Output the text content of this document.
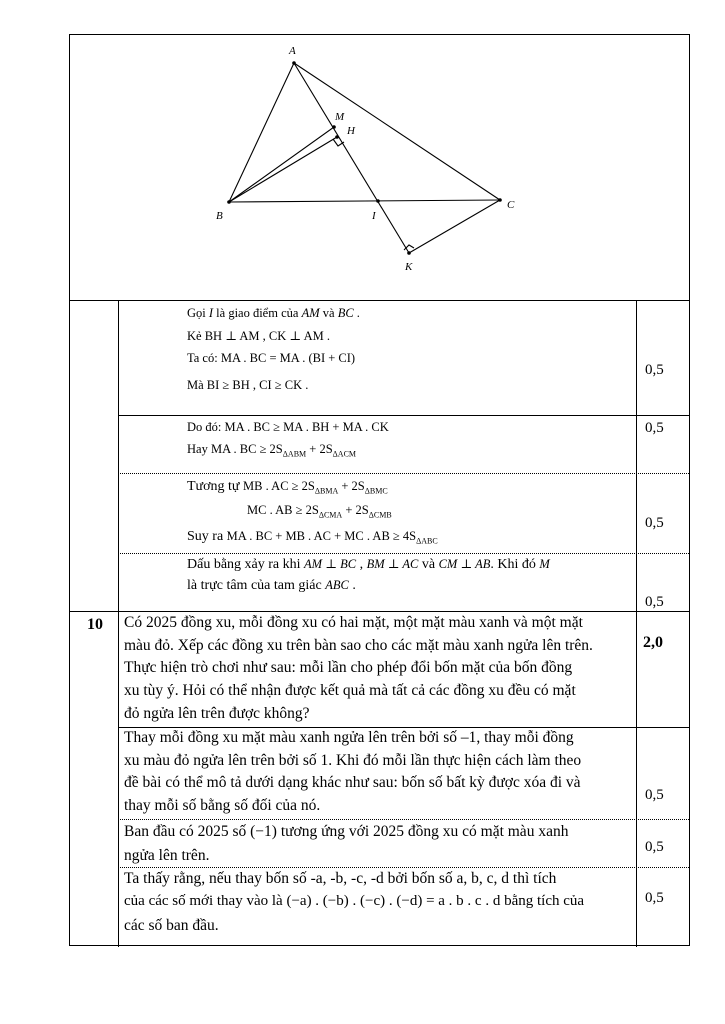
A
M
H
B	I
C
K
Gọi I là giao điểm của AM và BC .
Kẻ BH ⊥ AM , CK ⊥ AM .
Ta có: MA . BC = MA . (BI + CI)
Mà BI ≥ BH , CI ≥ CK .
0,5
Do đó: MA . BC ≥ MA . BH + MA . CK
Hay MA . BC ≥ $2S_{\Delta ABM} + 2S_{\Delta ACM}$
0,5
Tương tự MB . AC ≥ $2S_{\Delta BMA} + 2S_{\Delta BMC}$
MC . AB ≥ $2S_{\Delta CMA} + 2S_{\Delta CMB}$
Suy ra MA . BC + MB . AC + MC . AB ≥ $4S_{\Delta ABC}$
0,5
Dấu bằng xảy ra khi AM ⊥ BC , BM ⊥ AC và CM ⊥ AB. Khi đó M
là trực tâm của tam giác ABC .
0,5
10
2,0
Có 2025 đồng xu, mỗi đồng xu có hai mặt, một mặt màu xanh và một mặt
màu đỏ. Xếp các đồng xu trên bàn sao cho các mặt màu xanh ngửa lên trên.
Thực hiện trò chơi như sau: mỗi lần cho phép đổi bốn mặt của bốn đồng
xu tùy ý. Hỏi có thể nhận được kết quả mà tất cả các đồng xu đều có mặt
đỏ ngửa lên trên được không?
Thay mỗi đồng xu mặt màu xanh ngửa lên trên bởi số –1, thay mỗi đồng
xu màu đỏ ngửa lên trên bởi số 1. Khi đó mỗi lần thực hiện cách làm theo
đề bài có thể mô tả dưới dạng khác như sau: bốn số bất kỳ được xóa đi và
thay mỗi số bằng số đối của nó.
0,5
Ban đầu có 2025 số (−1) tương ứng với 2025 đồng xu có mặt màu xanh
ngửa lên trên.	0,5
Ta thấy rằng, nếu thay bốn số -a, -b, -c, -d bởi bốn số a, b, c, d thì tích
của các số mới thay vào là (−a) . (−b) . (−c) . (−d) = a . b . c . d bằng tích của
các số ban đầu.
0,5
